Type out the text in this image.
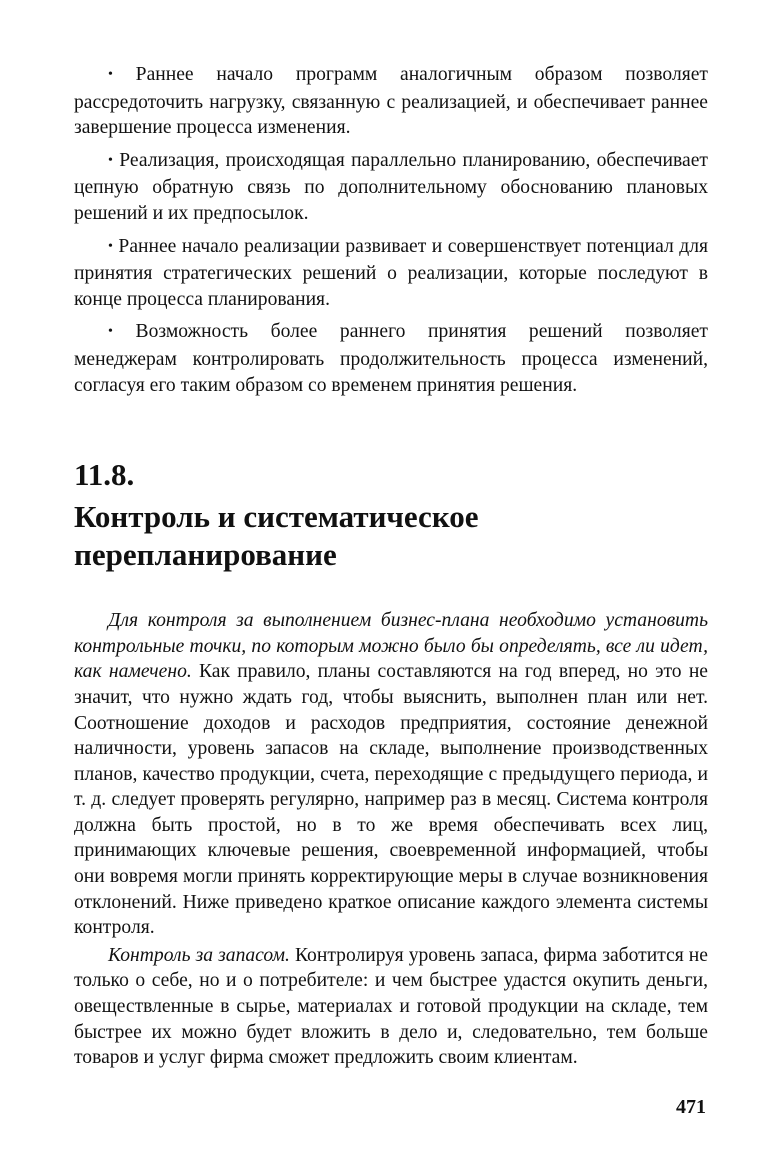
• Раннее начало программ аналогичным образом позволяет рассредоточить нагрузку, связанную с реализацией, и обеспечивает раннее завершение процесса изменения.

• Реализация, происходящая параллельно планированию, обеспечивает цепную обратную связь по дополнительному обоснованию плановых решений и их предпосылок.

• Раннее начало реализации развивает и совершенствует потенциал для принятия стратегических решений о реализации, которые последуют в конце процесса планирования.

• Возможность более раннего принятия решений позволяет менеджерам контролировать продолжительность процесса изменений, согласуя его таким образом со временем принятия решения.

11.8.
Контроль и систематическое
перепланирование

Для контроля за выполнением бизнес-плана необходимо установить контрольные точки, по которым можно было бы определять, все ли идет, как намечено. Как правило, планы составляются на год вперед, но это не значит, что нужно ждать год, чтобы выяснить, выполнен план или нет. Соотношение доходов и расходов предприятия, состояние денежной наличности, уровень запасов на складе, выполнение производственных планов, качество продукции, счета, переходящие с предыдущего периода, и т. д. следует проверять регулярно, например раз в месяц. Система контроля должна быть простой, но в то же время обеспечивать всех лиц, принимающих ключевые решения, своевременной информацией, чтобы они вовремя могли принять корректирующие меры в случае возникновения отклонений. Ниже приведено краткое описание каждого элемента системы контроля.

Контроль за запасом. Контролируя уровень запаса, фирма заботится не только о себе, но и о потребителе: и чем быстрее удастся окупить деньги, овеществленные в сырье, материалах и готовой продукции на складе, тем быстрее их можно будет вложить в дело и, следовательно, тем больше товаров и услуг фирма сможет предложить своим клиентам.

471
